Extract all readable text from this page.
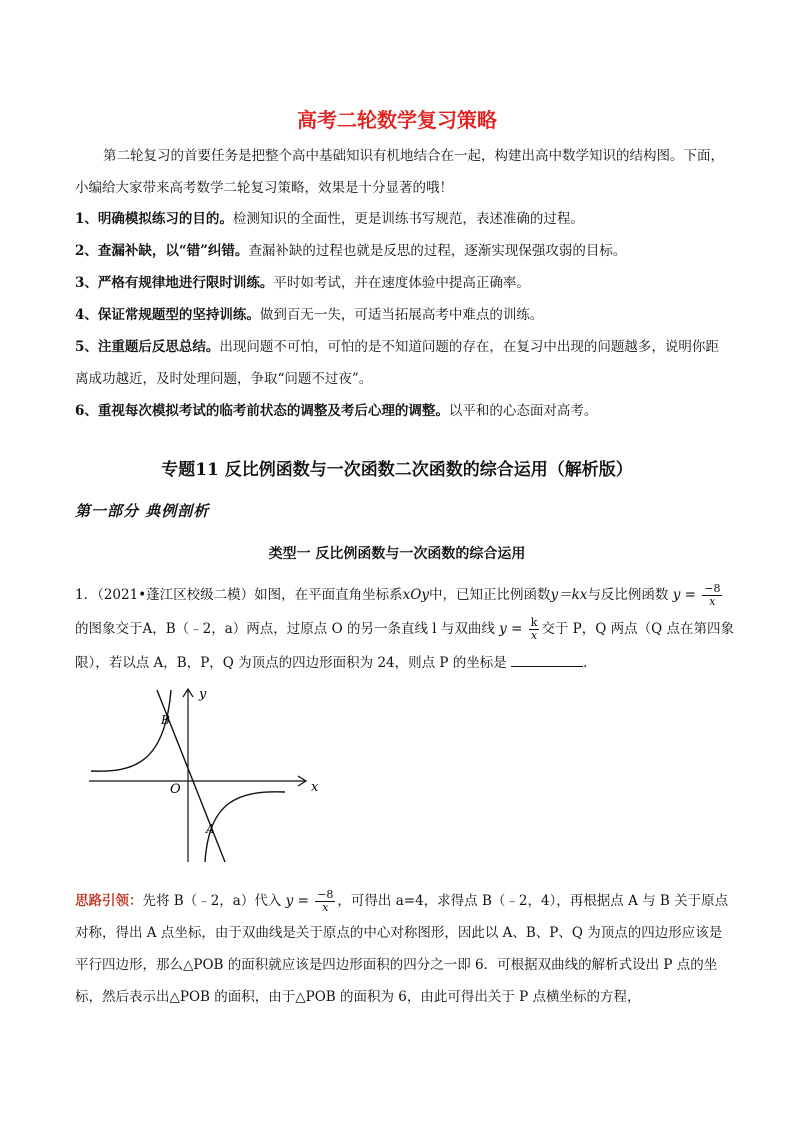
高考二轮数学复习策略
第二轮复习的首要任务是把整个高中基础知识有机地结合在一起，构建出高中数学知识的结构图。下面，小编给大家带来高考数学二轮复习策略，效果是十分显著的哦！
1、明确模拟练习的目的。检测知识的全面性，更是训练书写规范，表述准确的过程。
2、查漏补缺，以“错”纠错。查漏补缺的过程也就是反思的过程，逐渐实现保强攻弱的目标。
3、严格有规律地进行限时训练。平时如考试，并在速度体验中提高正确率。
4、保证常规题型的坚持训练。做到百无一失，可适当拓展高考中难点的训练。
5、注重题后反思总结。出现问题不可怕，可怕的是不知道问题的存在，在复习中出现的问题越多，说明你距离成功越近，及时处理问题，争取“问题不过夜”。
6、重视每次模拟考试的临考前状态的调整及考后心理的调整。以平和的心态面对高考。
专题11 反比例函数与一次函数二次函数的综合运用（解析版）
第一部分 典例剖析
类型一 反比例函数与一次函数的综合运用
1．（2021•蓬江区校级二模）如图，在平面直角坐标系xOy中，已知正比例函数y＝kx与反比例函数 $y = \frac{-8}{x}$
的图象交于A，B（﹣2，a）两点，过原点 O 的另一条直线 l 与双曲线 $y = \frac{k}{x}$ 交于 P，Q 两点（Q 点在第四象限），若以点 A，B，P，Q 为顶点的四边形面积为 24，则点 P 的坐标是	．
y
x
O
B
A
思路引领：先将 B（﹣2，a）代入 $y = \frac{-8}{x}$ ，可得出 a=4，求得点 B（﹣2，4），再根据点 A 与 B 关于原点对称，得出 A 点坐标，由于双曲线是关于原点的中心对称图形，因此以 A、B、P、Q 为顶点的四边形应该是平行四边形，那么△POB 的面积就应该是四边形面积的四分之一即 6．可根据双曲线的解析式设出 P 点的坐标，然后表示出△POB 的面积，由于△POB 的面积为 6，由此可得出关于 P 点横坐标的方程，
